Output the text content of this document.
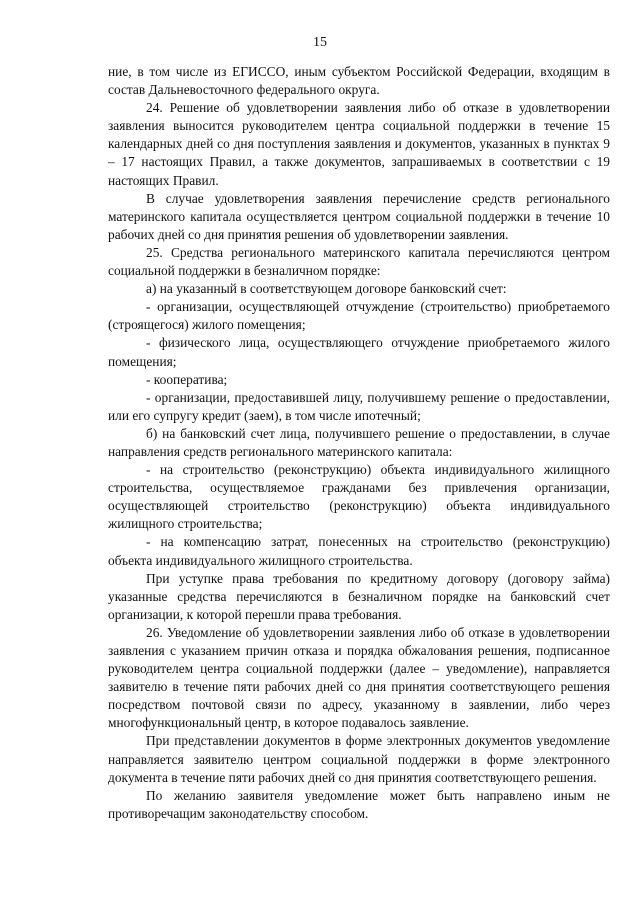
15

ние, в том числе из ЕГИССО, иным субъектом Российской Федерации, входящим в состав Дальневосточного федерального округа.

24. Решение об удовлетворении заявления либо об отказе в удовлетворении заявления выносится руководителем центра социальной поддержки в течение 15 календарных дней со дня поступления заявления и документов, указанных в пунктах 9 – 17 настоящих Правил, а также документов, запрашиваемых в соответствии с 19 настоящих Правил.

В случае удовлетворения заявления перечисление средств регионального материнского капитала осуществляется центром социальной поддержки в течение 10 рабочих дней со дня принятия решения об удовлетворении заявления.

25. Средства регионального материнского капитала перечисляются центром социальной поддержки в безналичном порядке:

а) на указанный в соответствующем договоре банковский счет:

- организации, осуществляющей отчуждение (строительство) приобретаемого (строящегося) жилого помещения;

- физического лица, осуществляющего отчуждение приобретаемого жилого помещения;

- кооператива;

- организации, предоставившей лицу, получившему решение о предоставлении, или его супругу кредит (заем), в том числе ипотечный;

б) на банковский счет лица, получившего решение о предоставлении, в случае направления средств регионального материнского капитала:

- на строительство (реконструкцию) объекта индивидуального жилищного строительства, осуществляемое гражданами без привлечения организации, осуществляющей строительство (реконструкцию) объекта индивидуального жилищного строительства;

- на компенсацию затрат, понесенных на строительство (реконструкцию) объекта индивидуального жилищного строительства.

При уступке права требования по кредитному договору (договору займа) указанные средства перечисляются в безналичном порядке на банковский счет организации, к которой перешли права требования.

26. Уведомление об удовлетворении заявления либо об отказе в удовлетворении заявления с указанием причин отказа и порядка обжалования решения, подписанное руководителем центра социальной поддержки (далее – уведомление), направляется заявителю в течение пяти рабочих дней со дня принятия соответствующего решения посредством почтовой связи по адресу, указанному в заявлении, либо через многофункциональный центр, в которое подавалось заявление.

При представлении документов в форме электронных документов уведомление направляется заявителю центром социальной поддержки в форме электронного документа в течение пяти рабочих дней со дня принятия соответствующего решения.

По желанию заявителя уведомление может быть направлено иным не противоречащим законодательству способом.
